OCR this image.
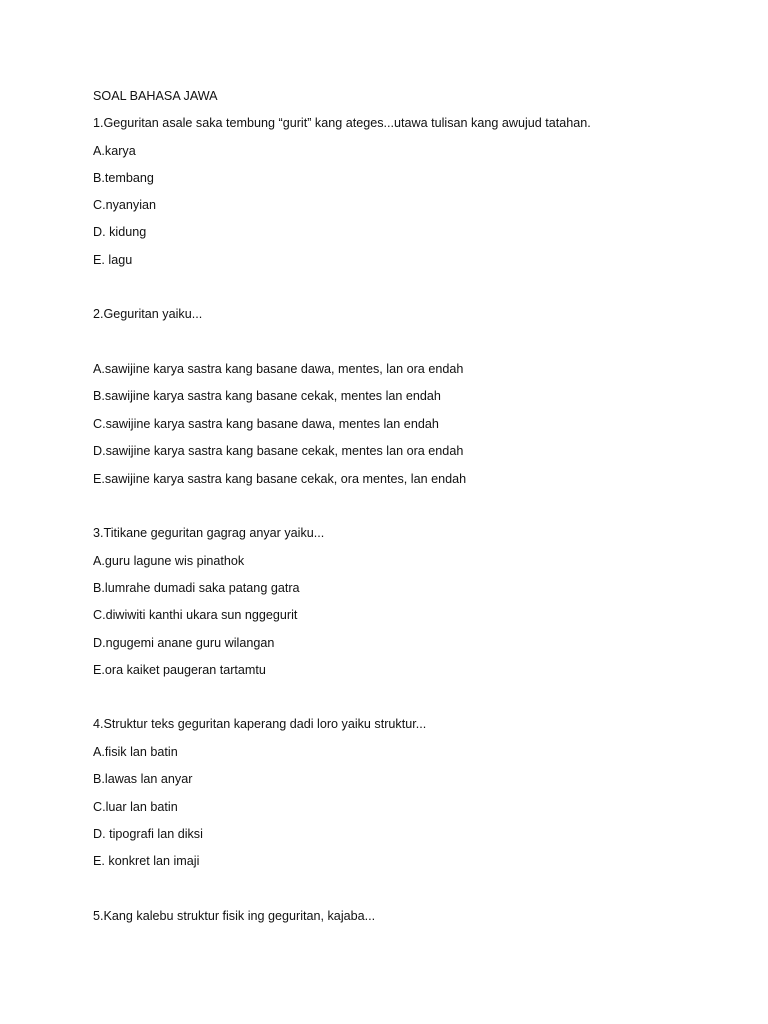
SOAL BAHASA JAWA
1.Geguritan asale saka tembung “gurit” kang ateges...utawa tulisan kang awujud tatahan.
A.karya
B.tembang
C.nyanyian
D. kidung
E. lagu
2.Geguritan yaiku...
A.sawijine karya sastra kang basane dawa, mentes, lan ora endah
B.sawijine karya sastra kang basane cekak, mentes lan endah
C.sawijine karya sastra kang basane dawa, mentes lan endah
D.sawijine karya sastra kang basane cekak, mentes lan ora endah
E.sawijine karya sastra kang basane cekak, ora mentes, lan endah
3.Titikane geguritan gagrag anyar yaiku...
A.guru lagune wis pinathok
B.lumrahe dumadi saka patang gatra
C.diwiwiti kanthi ukara sun nggegurit
D.ngugemi anane guru wilangan
E.ora kaiket paugeran tartamtu
4.Struktur teks geguritan kaperang dadi loro yaiku struktur...
A.fisik lan batin
B.lawas lan anyar
C.luar lan batin
D. tipografi lan diksi
E. konkret lan imaji
5.Kang kalebu struktur fisik ing geguritan, kajaba...
